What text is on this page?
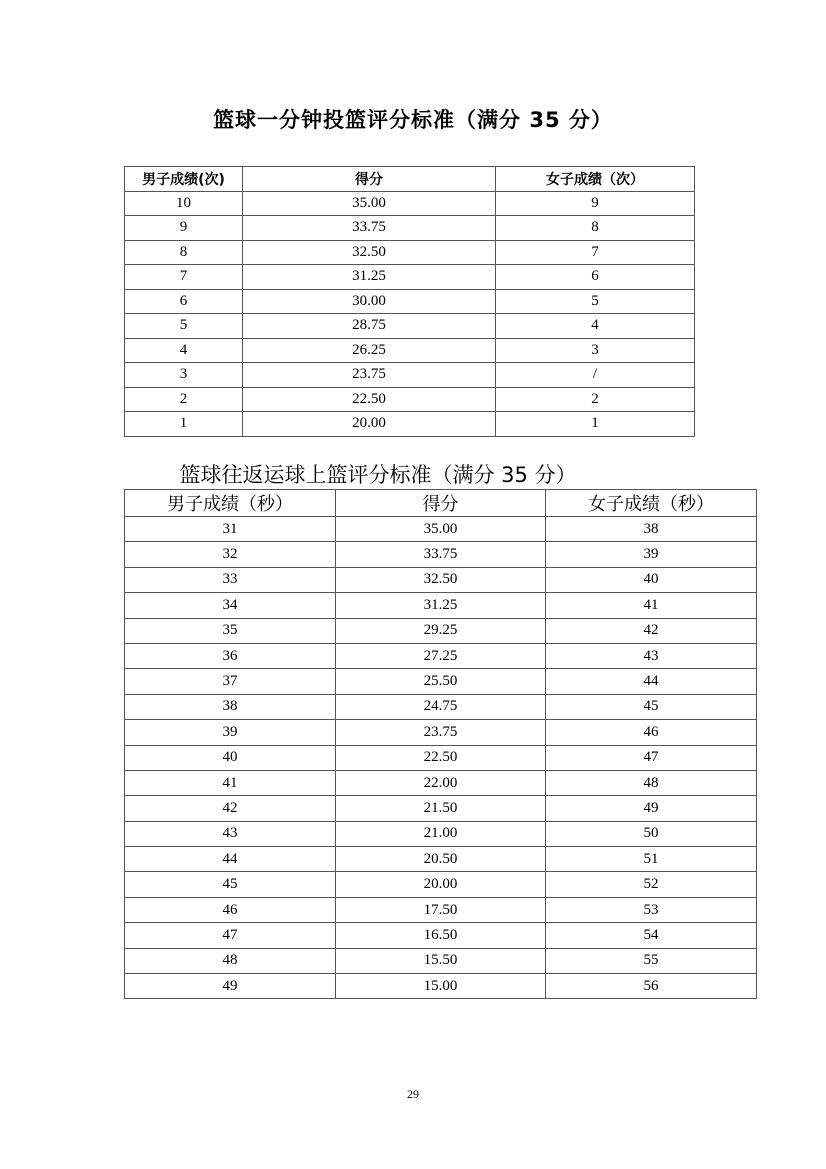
篮球一分钟投篮评分标准（满分 35 分）
男子成绩(次)	得分	女子成绩（次）
10	35.00	9
9	33.75	8
8	32.50	7
7	31.25	6
6	30.00	5
5	28.75	4
4	26.25	3
3	23.75	/
2	22.50	2
1	20.00	1
篮球往返运球上篮评分标准（满分 35 分）
男子成绩（秒）	得分	女子成绩（秒）
31	35.00	38
32	33.75	39
33	32.50	40
34	31.25	41
35	29.25	42
36	27.25	43
37	25.50	44
38	24.75	45
39	23.75	46
40	22.50	47
41	22.00	48
42	21.50	49
43	21.00	50
44	20.50	51
45	20.00	52
46	17.50	53
47	16.50	54
48	15.50	55
49	15.00	56
29
